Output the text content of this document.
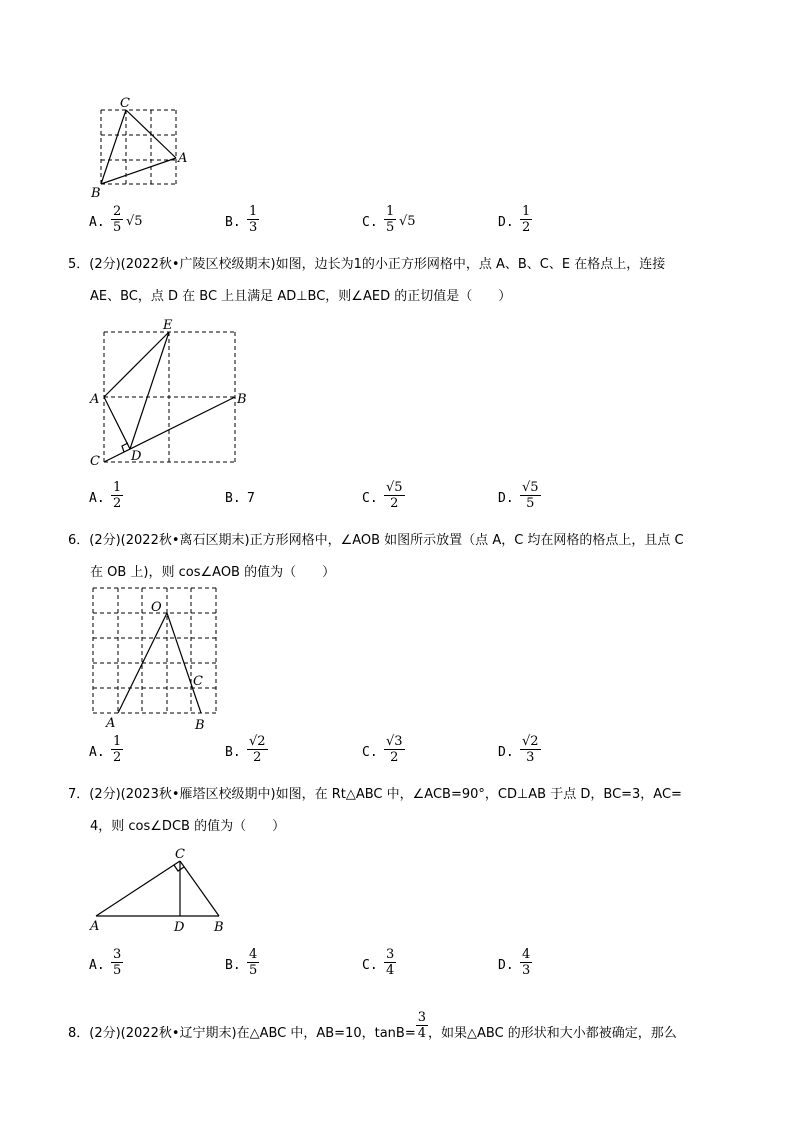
C
A
B
A. $\frac{2}{5} √5$	B. $\frac{1}{3}$	C. $\frac{1}{5} √5$	D. $\frac{1}{2}$
5．(2分)(2022秋•广陵区校级期末)如图，边长为1的小正方形网格中，点 A、B、C、E 在格点上，连接
AE、BC，点 D 在 BC 上且满足 AD⊥BC，则∠AED 的正切值是（　　）
E
A	B
C D
A. $\frac{1}{2}$	B. 7	C. $\frac{√5}{2}$	D. $\frac{√5}{5}$
6．(2分)(2022秋•离石区期末)正方形网格中，∠AOB 如图所示放置（点 A，C 均在网格的格点上，且点 C
在 OB 上)，则 cos∠AOB 的值为（　　）
O
C
A	B
A. $\frac{1}{2}$	B. $\frac{√2}{2}$	C. $\frac{√3}{2}$	D. $\frac{√2}{3}$
7．(2分)(2023秋•雁塔区校级期中)如图，在 Rt△ABC 中，∠ACB=90°，CD⊥AB 于点 D，BC=3，AC=
4，则 cos∠DCB 的值为（　　）
C
A	D B
A. $\frac{3}{5}$	B. $\frac{4}{5}$	C. $\frac{3}{4}$	D. $\frac{4}{3}$
8．(2分)(2022秋•辽宁期末)在△ABC 中，AB=10，$\tan B= \frac{3}{4}$ ，如果△ABC 的形状和大小都被确定，那么
